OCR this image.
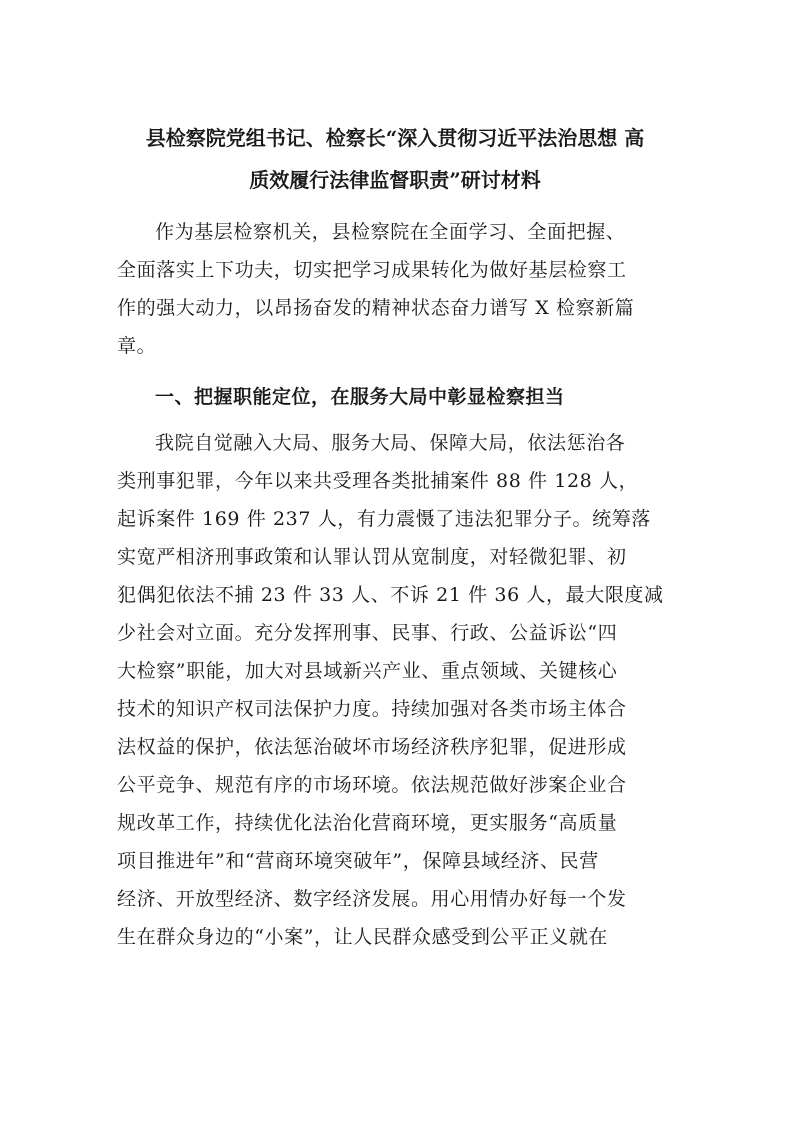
县检察院党组书记、检察长“深入贯彻习近平法治思想 高
质效履行法律监督职责”研讨材料
作为基层检察机关，县检察院在全面学习、全面把握、
全面落实上下功夫，切实把学习成果转化为做好基层检察工
作的强大动力，以昂扬奋发的精神状态奋力谱写 X 检察新篇
章。
一、把握职能定位，在服务大局中彰显检察担当
我院自觉融入大局、服务大局、保障大局，依法惩治各
类刑事犯罪，今年以来共受理各类批捕案件 88 件 128 人，
起诉案件 169 件 237 人，有力震慑了违法犯罪分子。统筹落
实宽严相济刑事政策和认罪认罚从宽制度，对轻微犯罪、初
犯偶犯依法不捕 23 件 33 人、不诉 21 件 36 人，最大限度减
少社会对立面。充分发挥刑事、民事、行政、公益诉讼“四
大检察”职能，加大对县域新兴产业、重点领域、关键核心
技术的知识产权司法保护力度。持续加强对各类市场主体合
法权益的保护，依法惩治破坏市场经济秩序犯罪，促进形成
公平竞争、规范有序的市场环境。依法规范做好涉案企业合
规改革工作，持续优化法治化营商环境，更实服务“高质量
项目推进年”和“营商环境突破年”，保障县域经济、民营
经济、开放型经济、数字经济发展。用心用情办好每一个发
生在群众身边的“小案”，让人民群众感受到公平正义就在
